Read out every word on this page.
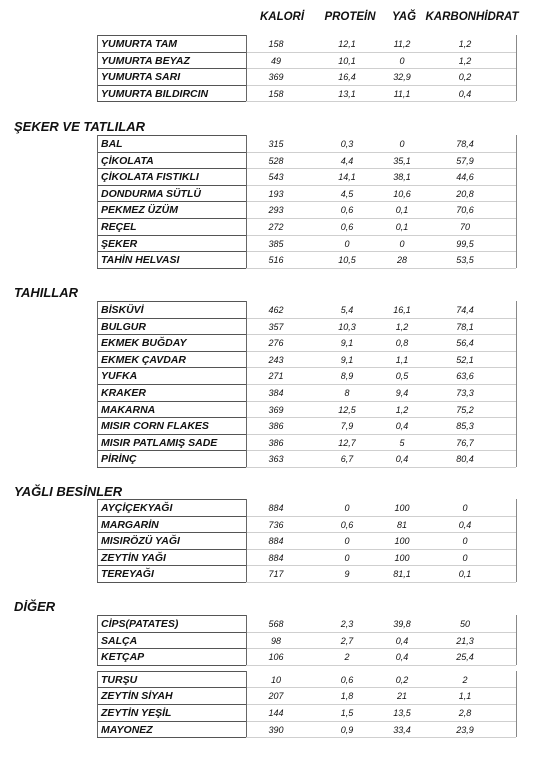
KALORİ	PROTEİN	YAĞ KARBONHİDRAT
YUMURTA TAM	158	12,1	11,2	1,2
YUMURTA BEYAZ	49	10,1	0	1,2
YUMURTA SARI	369	16,4	32,9	0,2
YUMURTA BILDIRCIN	158	13,1	11,1	0,4
ŞEKER VE TATLILAR
BAL	315	0,3	0	78,4
ÇİKOLATA	528	4,4	35,1	57,9
ÇİKOLATA FISTIKLI	543	14,1	38,1	44,6
DONDURMA SÜTLÜ	193	4,5	10,6	20,8
PEKMEZ ÜZÜM	293	0,6	0,1	70,6
REÇEL	272	0,6	0,1	70
ŞEKER	385	0	0	99,5
TAHİN HELVASI	516	10,5	28	53,5
TAHILLAR
BİSKÜVİ	462	5,4	16,1	74,4
BULGUR	357	10,3	1,2	78,1
EKMEK BUĞDAY	276	9,1	0,8	56,4
EKMEK ÇAVDAR	243	9,1	1,1	52,1
YUFKA	271	8,9	0,5	63,6
KRAKER	384	8	9,4	73,3
MAKARNA	369	12,5	1,2	75,2
MISIR CORN FLAKES	386	7,9	0,4	85,3
MISIR PATLAMIŞ SADE	386	12,7	5	76,7
PİRİNÇ	363	6,7	0,4	80,4
YAĞLI BESİNLER
AYÇİÇEKYAĞI	884	0	100	0
MARGARİN	736	0,6	81	0,4
MISIRÖZÜ YAĞI	884	0	100	0
ZEYTİN YAĞI	884	0	100	0
TEREYAĞI	717	9	81,1	0,1
DİĞER
CİPS(PATATES)	568	2,3	39,8	50
SALÇA	98	2,7	0,4	21,3
KETÇAP	106	2	0,4	25,4
TURŞU	10	0,6	0,2	2
ZEYTİN SİYAH	207	1,8	21	1,1
ZEYTİN YEŞİL	144	1,5	13,5	2,8
MAYONEZ	390	0,9	33,4	23,9
